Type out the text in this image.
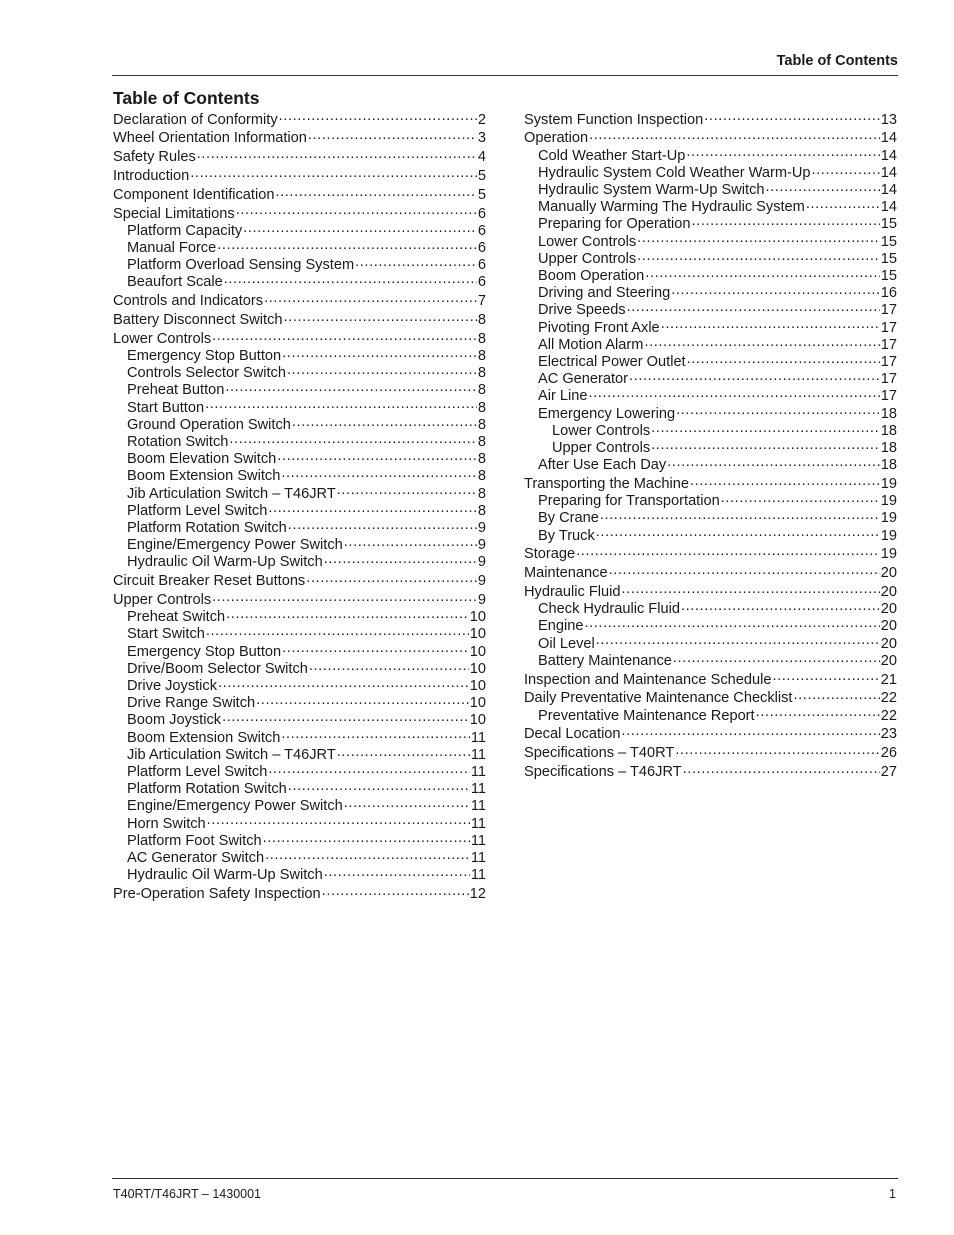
Table of Contents
Table of Contents
Declaration of Conformity .....	2
Wheel Orientation Information .....	3
Safety Rules .....	4
Introduction .....	5
Component Identification .....	5
Special Limitations .....	6
Platform Capacity .....	6
Manual Force .....	6
Platform Overload Sensing System .....	6
Beaufort Scale .....	6
Controls and Indicators .....	7
Battery Disconnect Switch .....	8
Lower Controls .....	8
Emergency Stop Button .....	8
Controls Selector Switch .....	8
Preheat Button .....	8
Start Button .....	8
Ground Operation Switch .....	8
Rotation Switch .....	8
Boom Elevation Switch .....	8
Boom Extension Switch .....	8
Jib Articulation Switch – T46JRT .....	8
Platform Level Switch .....	8
Platform Rotation Switch .....	9
Engine/Emergency Power Switch .....	9
Hydraulic Oil Warm-Up Switch .....	9
Circuit Breaker Reset Buttons .....	9
Upper Controls .....	9
Preheat Switch .....	10
Start Switch .....	10
Emergency Stop Button .....	10
Drive/Boom Selector Switch .....	10
Drive Joystick .....	10
Drive Range Switch .....	10
Boom Joystick .....	10
Boom Extension Switch .....	11
Jib Articulation Switch – T46JRT .....	11
Platform Level Switch .....	11
Platform Rotation Switch .....	11
Engine/Emergency Power Switch .....	11
Horn Switch .....	11
Platform Foot Switch .....	11
AC Generator Switch .....	11
Hydraulic Oil Warm-Up Switch .....	11
Pre-Operation Safety Inspection .....	12
System Function Inspection .....	13
Operation .....	14
Cold Weather Start-Up .....	14
Hydraulic System Cold Weather Warm-Up .....	14
Hydraulic System Warm-Up Switch .....	14
Manually Warming The Hydraulic System .....	14
Preparing for Operation .....	15
Lower Controls .....	15
Upper Controls .....	15
Boom Operation .....	15
Driving and Steering .....	16
Drive Speeds .....	17
Pivoting Front Axle .....	17
All Motion Alarm .....	17
Electrical Power Outlet .....	17
AC Generator .....	17
Air Line .....	17
Emergency Lowering .....	18
Lower Controls .....	18
Upper Controls .....	18
After Use Each Day .....	18
Transporting the Machine .....	19
Preparing for Transportation .....	19
By Crane .....	19
By Truck .....	19
Storage .....	19
Maintenance .....	20
Hydraulic Fluid .....	20
Check Hydraulic Fluid .....	20
Engine .....	20
Oil Level .....	20
Battery Maintenance .....	20
Inspection and Maintenance Schedule .....	21
Daily Preventative Maintenance Checklist .....	22
Preventative Maintenance Report .....	22
Decal Location .....	23
Specifications – T40RT .....	26
Specifications – T46JRT .....	27
T40RT/T46JRT – 1430001	1
